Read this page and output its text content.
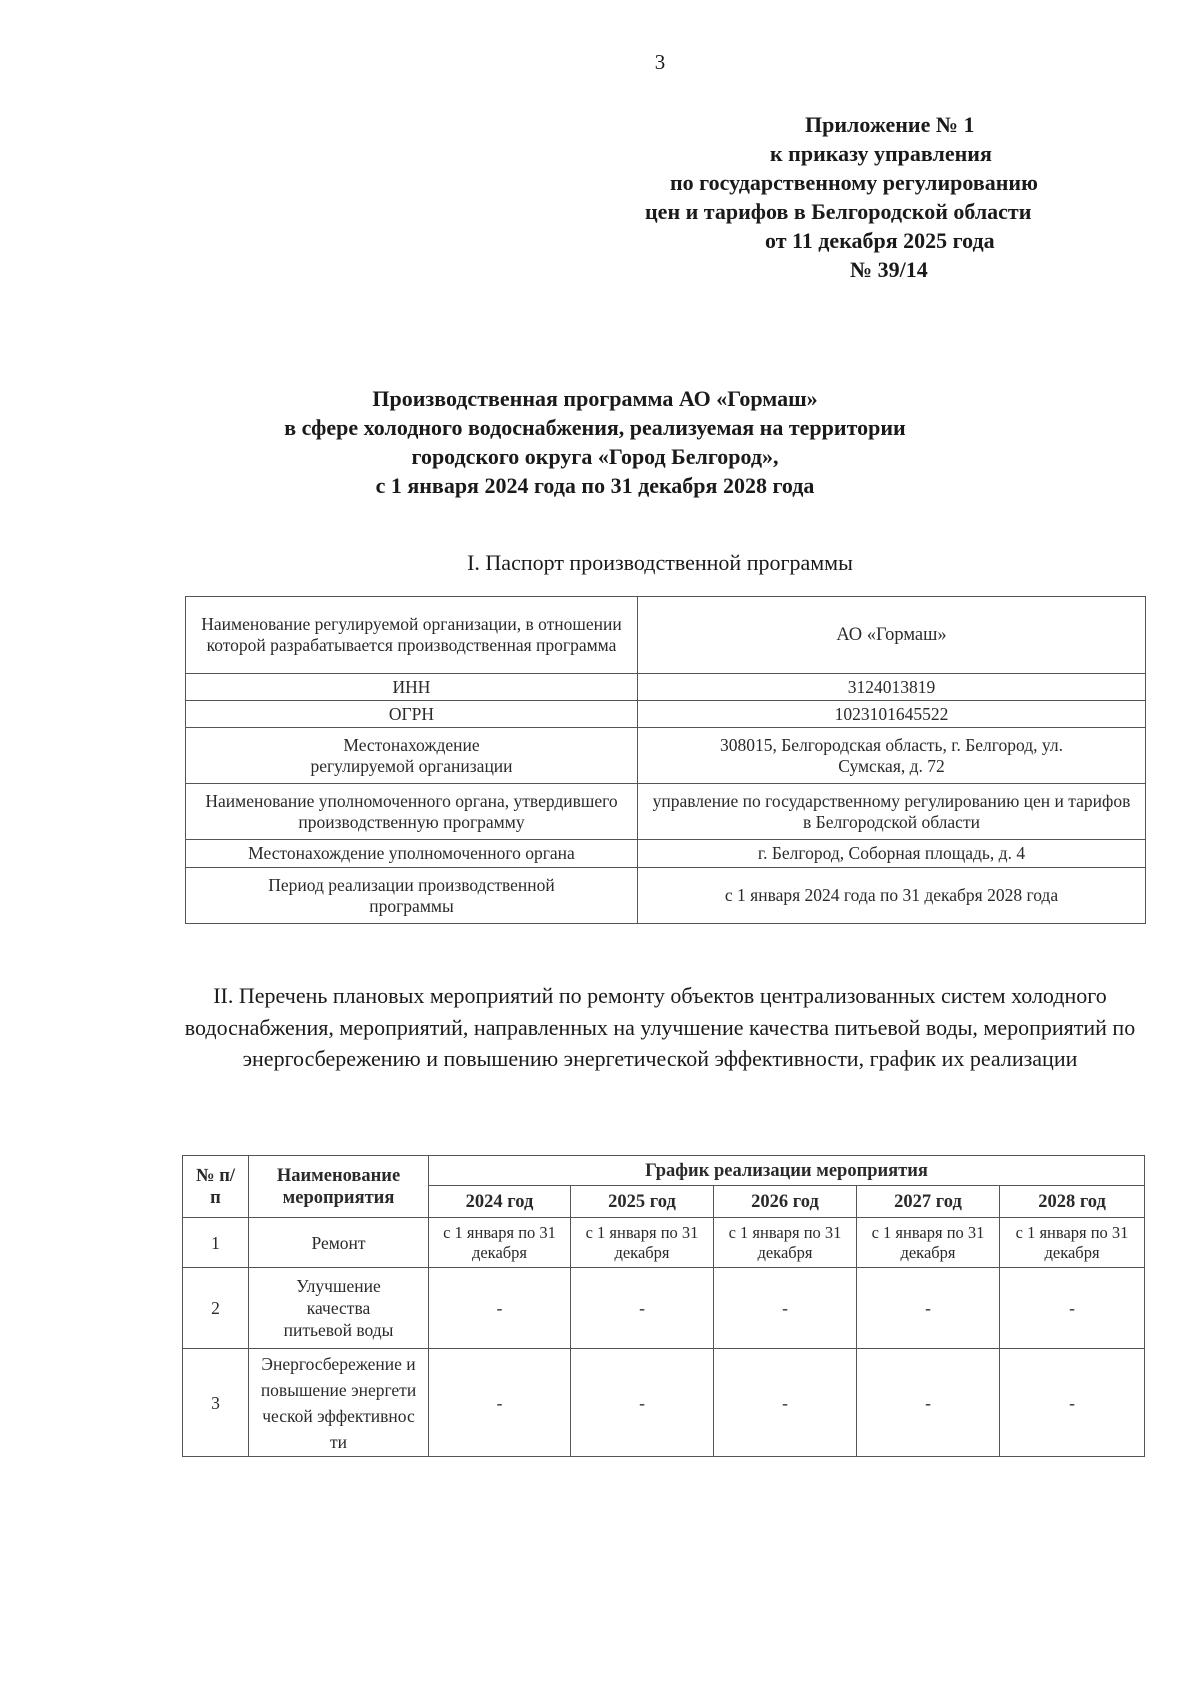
3
Приложение № 1
к приказу управления
по государственному регулированию
цен и тарифов в Белгородской области
от 11 декабря 2025 года
№ 39/14
Производственная программа АО «Гормаш»
в сфере холодного водоснабжения, реализуемая на территории
городского округа «Город Белгород»,
с 1 января 2024 года по 31 декабря 2028 года
I. Паспорт производственной программы
Наименование регулируемой организации, в отношении которой разрабатывается производственная программа	АО «Гормаш»
ИНН	3124013819
ОГРН	1023101645522
Местонахождение регулируемой организации	308015, Белгородская область, г. Белгород, ул. Сумская, д. 72
Наименование уполномоченного органа, утвердившего производственную программу	управление по государственному регулированию цен и тарифов в Белгородской области
Местонахождение уполномоченного органа	г. Белгород, Соборная площадь, д. 4
Период реализации производственной программы	с 1 января 2024 года по 31 декабря 2028 года
II. Перечень плановых мероприятий по ремонту объектов централизованных систем холодного водоснабжения, мероприятий, направленных на улучшение качества питьевой воды, мероприятий по энергосбережению и повышению энергетической эффективности, график их реализации
№ п/п	Наименование мероприятия	График реализации мероприятия				
		2024 год	2025 год	2026 год	2027 год	2028 год
1	Ремонт	с 1 января по 31 декабря	с 1 января по 31 декабря	с 1 января по 31 декабря	с 1 января по 31 декабря	с 1 января по 31 декабря
2	Улучшение качества питьевой воды	-	-	-	-	-
3	Энергосбережение и повышение энергетической эффективности	-	-	-	-	-
